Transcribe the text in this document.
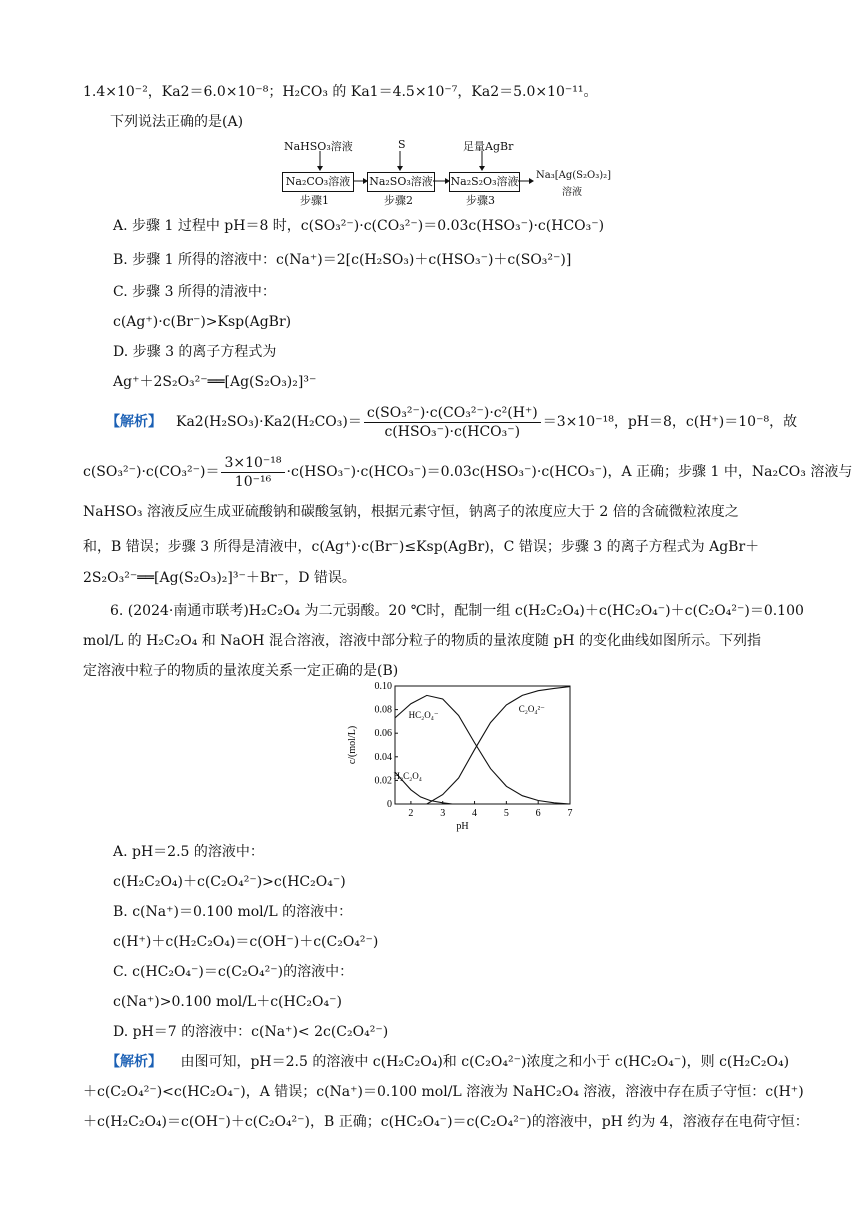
1.4×10⁻²，Ka2＝6.0×10⁻⁸；H₂CO₃ 的 Ka1＝4.5×10⁻⁷，Ka2＝5.0×10⁻¹¹。
下列说法正确的是(A)
NaHSO₃溶液	S	足量AgBr
Na₂CO₃溶液	Na₂SO₃溶液 Na₂S₂O₃溶液
步骤1	步骤2	步骤3
Na₃[Ag(S₂O₃)₂]
溶液
A. 步骤 1 过程中 pH＝8 时，c(SO₃²⁻)·c(CO₃²⁻)＝0.03c(HSO₃⁻)·c(HCO₃⁻)
B. 步骤 1 所得的溶液中：c(Na⁺)＝2[c(H₂SO₃)＋c(HSO₃⁻)＋c(SO₃²⁻)]
C. 步骤 3 所得的清液中：
c(Ag⁺)·c(Br⁻)>Ksp(AgBr)
D. 步骤 3 的离子方程式为
Ag⁺＋2S₂O₃²⁻══[Ag(S₂O₃)₂]³⁻
【解析】 $Ka2(H_2SO_3)\cdot Ka2(H_2CO_3)= \frac{\text{c(SO₃²⁻)·c(CO₃²⁻)·c²(H⁺)}}{\text{c(HSO₃⁻)·c(HCO₃⁻)}} =3\times 10^{-18}$，pH＝8，c(H⁺)＝10⁻⁸，故
$c(SO_3^{2-})\cdot c(CO_3^{2-})= \frac{\text{3×10⁻¹⁸}}{\text{10⁻¹⁶}} \cdot c(HSO_3^-)\cdot c(HCO_3^-)=0.03c(HSO_3^-)\cdot c(HCO_3^-)$，A 正确；步骤 1 中，Na₂CO₃ 溶液与
NaHSO₃ 溶液反应生成亚硫酸钠和碳酸氢钠，根据元素守恒，钠离子的浓度应大于 2 倍的含硫微粒浓度之
和，B 错误；步骤 3 所得是清液中，c(Ag⁺)·c(Br⁻)≤Ksp(AgBr)，C 错误；步骤 3 的离子方程式为 AgBr＋
2S₂O₃²⁻══[Ag(S₂O₃)₂]³⁻＋Br⁻，D 错误。
6. (2024·南通市联考)H₂C₂O₄ 为二元弱酸。20 ℃时，配制一组 c(H₂C₂O₄)＋c(HC₂O₄⁻)＋c(C₂O₄²⁻)＝0.100
mol/L 的 H₂C₂O₄ 和 NaOH 混合溶液，溶液中部分粒子的物质的量浓度随 pH 的变化曲线如图所示。下列指
定溶液中粒子的物质的量浓度关系一定正确的是(B)
2	3	4	5	6	7
0
0.02
0.04
0.06
0.08
0.10
pH
c/(mol/L)
H₂C₂O₄
HC₂O₄⁻
C₂O₄²⁻
A. pH＝2.5 的溶液中：
c(H₂C₂O₄)＋c(C₂O₄²⁻)>c(HC₂O₄⁻)
B. c(Na⁺)＝0.100 mol/L 的溶液中：
c(H⁺)＋c(H₂C₂O₄)＝c(OH⁻)＋c(C₂O₄²⁻)
C. c(HC₂O₄⁻)＝c(C₂O₄²⁻)的溶液中：
c(Na⁺)>0.100 mol/L＋c(HC₂O₄⁻)
D. pH＝7 的溶液中：c(Na⁺)< 2c(C₂O₄²⁻)
【解析】 由图可知，pH＝2.5 的溶液中 c(H₂C₂O₄)和 c(C₂O₄²⁻)浓度之和小于 c(HC₂O₄⁻)，则 c(H₂C₂O₄)
＋c(C₂O₄²⁻)<c(HC₂O₄⁻)，A 错误；c(Na⁺)＝0.100 mol/L 溶液为 NaHC₂O₄ 溶液，溶液中存在质子守恒：c(H⁺)
＋c(H₂C₂O₄)＝c(OH⁻)＋c(C₂O₄²⁻)，B 正确；c(HC₂O₄⁻)＝c(C₂O₄²⁻)的溶液中，pH 约为 4，溶液存在电荷守恒：
